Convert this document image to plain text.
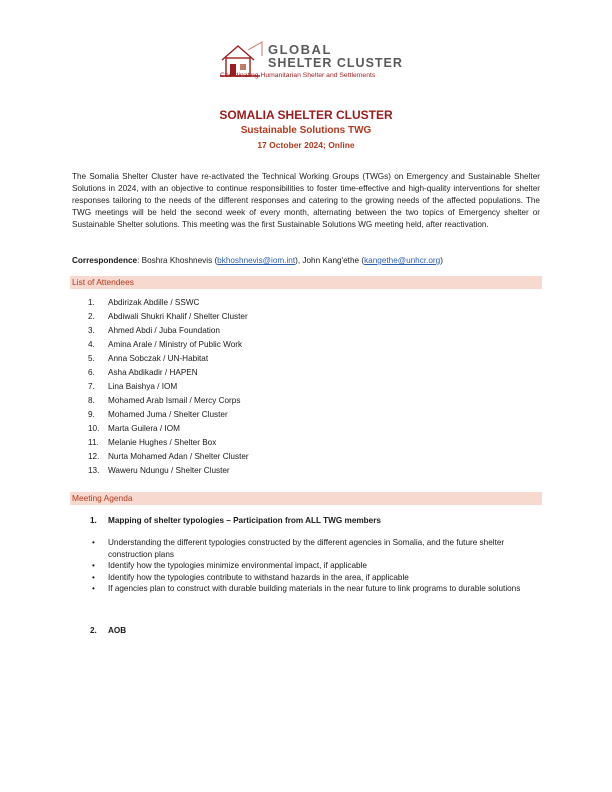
GLOBAL
SHELTER CLUSTER
Coordinating Humanitarian Shelter and Settlements
SOMALIA SHELTER CLUSTER
Sustainable Solutions TWG
17 October 2024; Online
The Somalia Shelter Cluster have re-activated the Technical Working Groups (TWGs) on Emergency and Sustainable Shelter Solutions in 2024, with an objective to continue responsibilities to foster time-effective and high-quality interventions for shelter responses tailoring to the needs of the different responses and catering to the growing needs of the affected populations. The TWG meetings will be held the second week of every month, alternating between the two topics of Emergency shelter or Sustainable Shelter solutions. This meeting was the first Sustainable Solutions WG meeting held, after reactivation.
Correspondence: Boshra Khoshnevis (bkhoshnevis@iom.int), John Kang'ethe (kangethe@unhcr.org)
List of Attendees
1. Abdirizak Abdille / SSWC
2. Abdiwali Shukri Khalif / Shelter Cluster
3. Ahmed Abdi / Juba Foundation
4. Amina Arale / Ministry of Public Work
5. Anna Sobczak / UN-Habitat
6. Asha Abdikadir / HAPEN
7. Lina Baishya / IOM
8. Mohamed Arab Ismail / Mercy Corps
9. Mohamed Juma / Shelter Cluster
10. Marta Guilera / IOM
11. Melanie Hughes / Shelter Box
12. Nurta Mohamed Adan / Shelter Cluster
13. Waweru Ndungu / Shelter Cluster
Meeting Agenda
1. Mapping of shelter typologies – Participation from ALL TWG members
• Understanding the different typologies constructed by the different agencies in Somalia, and the future shelter construction plans
• Identify how the typologies minimize environmental impact, if applicable
• Identify how the typologies contribute to withstand hazards in the area, if applicable
• If agencies plan to construct with durable building materials in the near future to link programs to durable solutions
2. AOB
